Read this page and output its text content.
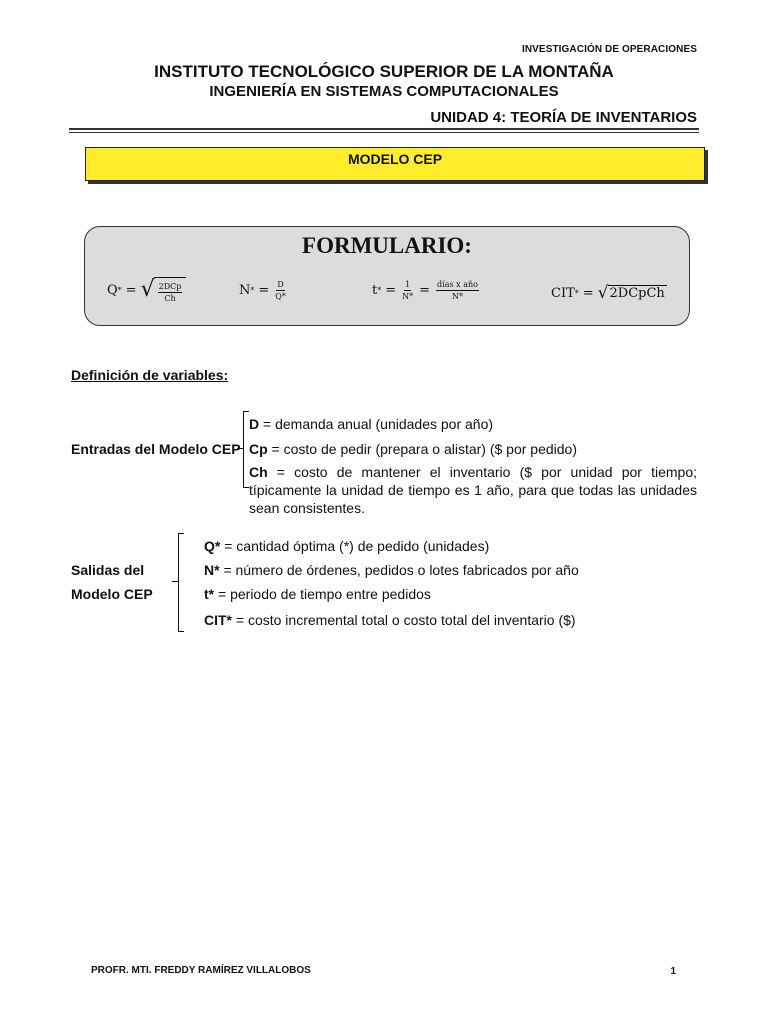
INVESTIGACIÓN DE OPERACIONES
INSTITUTO TECNOLÓGICO SUPERIOR DE LA MONTAÑA
INGENIERÍA EN SISTEMAS COMPUTACIONALES
UNIDAD 4: TEORÍA DE INVENTARIOS
MODELO CEP
FORMULARIO:
Q * = √ $\frac{\text{2DCp}}{Ch}$	N * = $\frac{D}{Q*}$	t * = $\frac{1}{N*} = \frac{\text{días x año}}{N*}$	CIT * = √ 2DCpCh
Definición de variables:
Entradas del Modelo CEP
D = demanda anual (unidades por año)
Cp = costo de pedir (prepara o alistar) ($ por pedido)
Ch = costo de mantener el inventario ($ por unidad por tiempo; típicamente la unidad de tiempo es 1 año, para que todas las unidades sean consistentes.
Salidas del
Modelo CEP
Q* = cantidad óptima (*) de pedido (unidades)
N* = número de órdenes, pedidos o lotes fabricados por año
t* = periodo de tiempo entre pedidos
CIT* = costo incremental total o costo total del inventario ($)
PROFR. MTI. FREDDY RAMÍREZ VILLALOBOS	1
